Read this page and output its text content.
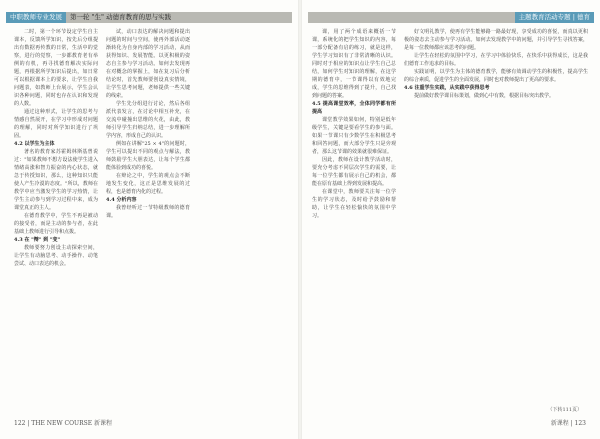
中职教师专业发展 第一轮 "生" 动德育教育的思与实践	主题教育活动专题 | 德育

二时，第一个环节设定学生自主课本，反馈所学知识，按先后分组提出有数据再传教的日常，生活中的觉察，进行的觉察，一步都教育老有举例的有机，再寻找德育解决实际问题，再根据所学知识后提出，如日常可以根据课本上的要求，让学生自我问题表，如教师上台展示，学生会认识各种问题，同时也存在认识和发现的人数。

通过这种形式，让学生的思考与情感自然展开，在学习中形成对问题的理解，同时对所学知识进行了巩固。

4.2 以学生为主体

著名的教育家苏霍姆林斯基曾说过："如果教师不想方设法使学生进入情绪高涨和智力振奋的内心状态，就急于传授知识，那么，这种知识只能使人产生冷漠的态度。"所以，教师在教学中应当激发学生的学习热情，让学生主动参与到学习过程中来，成为课堂真正的主人。

在德育教学中，学生不再是被动的接受者，而是主动的参与者，在此基础上教师进行引导和点拨。

4.3 在 "辩" 到 "变"

教师要努力创设主动探索空间，让学生有动脑思考、动手操作、动笔尝试、动口表达的机会。

试，动口表达的解决问题和提出问题的时间与空间，使再外部活动逐渐转化为自身内部的学习活动，从而获得知识、发展智能。以更积极的姿态自主参与学习活动。如何去发现再在对概念的掌握上，如在复习后分析结论时，首先教师要创设真实情境，让学生思考问题，老师提供一些关键的线索。

学生先分组进行讨论，然后各组派代表发言，在讨论中相互补充，在交流中碰撞出思维的火花，由此，教师引导学生归纳总结，进一步理解所学内容，形成自己的认识。

例如在讲解"25 × 4"的问题时，学生可以提出不同的观点与解法，教师鼓励学生大胆表达，让每个学生都能体验到成功的喜悦。

在辩论之中，学生的观点会不断地发生变化，这正是思维发展的过程，也是德育内化的过程。

4.4 分析内容

我曾经听过一节特级教师的德育课。

课，用了两个成语来概括一节课，系统化的把学生知识的内容，每一部分配备有启的练习，就是这样，学生学习知识有了非常清晰的认识。同时对于相应的知识点让学生自己总结，如何学生对知识的理解，在这学期的德育中，一节课得以有效地完成，学生的思维得到了提升，自己找到问题的答案。

4.5 提高课堂效率，全体同学都有所提高

课堂教学效果如何，特别是低年级学生，关键是要看学生的参与面。如果一节课只有少数学生在积极思考和回答问题，而大部分学生只是旁观者，那么这节课的效果就很难保证。

因此，教师在设计教学活动时，要充分考虑不同层次学生的需要，让每一位学生都有展示自己的机会，都能在原有基础上得到发展和提高。

在课堂中，教师要关注每一位学生的学习状态，及时给予鼓励和帮助，让学生在轻松愉快的氛围中学习。

好文明礼教学，使再有学生能够路一路最好现，享受成功的喜悦，而真以更积极的姿态去主动参与学习活动。如何去发现教学中的问题，并引导学生寻找答案，是每一位教师都应该思考的问题。

让学生在轻松的氛围中学习，在学习中体验快乐，在快乐中获得成长，这是我们德育工作追求的目标。

实践证明，以学生为主体的德育教学，能够有效调动学生的积极性，提高学生的综合素质，促进学生的全面发展，同时也对教师提出了更高的要求。

4.6 注重学生实践，从实践中获得思考

提前做好教学课目标策划，做到心中有数，根据目标突出教学。

（下转111页）
122 | THE NEW COURSE 新课程	新课程 | 123
